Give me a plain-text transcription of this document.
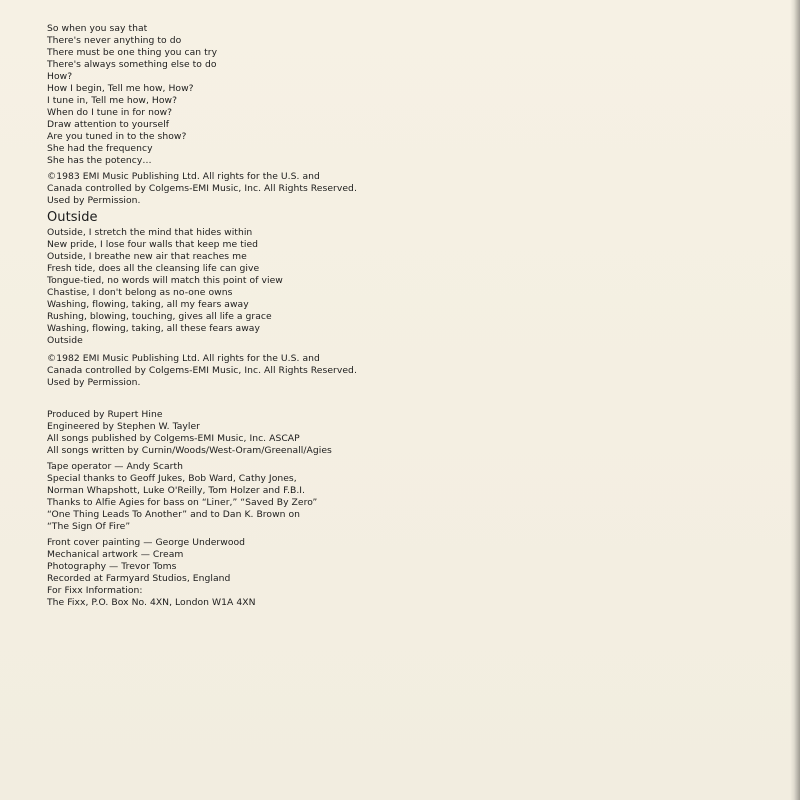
So when you say that
There's never anything to do
There must be one thing you can try
There's always something else to do
How?
How I begin, Tell me how, How?
I tune in, Tell me how, How?
When do I tune in for now?
Draw attention to yourself
Are you tuned in to the show?
She had the frequency
She has the potency…
©1983 EMI Music Publishing Ltd. All rights for the U.S. and
Canada controlled by Colgems-EMI Music, Inc. All Rights Reserved.
Used by Permission.
Outside
Outside, I stretch the mind that hides within
New pride, I lose four walls that keep me tied
Outside, I breathe new air that reaches me
Fresh tide, does all the cleansing life can give
Tongue-tied, no words will match this point of view
Chastise, I don't belong as no-one owns
Washing, flowing, taking, all my fears away
Rushing, blowing, touching, gives all life a grace
Washing, flowing, taking, all these fears away
Outside
©1982 EMI Music Publishing Ltd. All rights for the U.S. and
Canada controlled by Colgems-EMI Music, Inc. All Rights Reserved.
Used by Permission.
Produced by Rupert Hine
Engineered by Stephen W. Tayler
All songs published by Colgems-EMI Music, Inc. ASCAP
All songs written by Curnin/Woods/West-Oram/Greenall/Agies
Tape operator — Andy Scarth
Special thanks to Geoff Jukes, Bob Ward, Cathy Jones,
Norman Whapshott, Luke O'Reilly, Tom Holzer and F.B.I.
Thanks to Alfie Agies for bass on “Liner,” “Saved By Zero”
“One Thing Leads To Another” and to Dan K. Brown on
“The Sign Of Fire”
Front cover painting — George Underwood
Mechanical artwork — Cream
Photography — Trevor Toms
Recorded at Farmyard Studios, England
For Fixx Information:
The Fixx, P.O. Box No. 4XN, London W1A 4XN
